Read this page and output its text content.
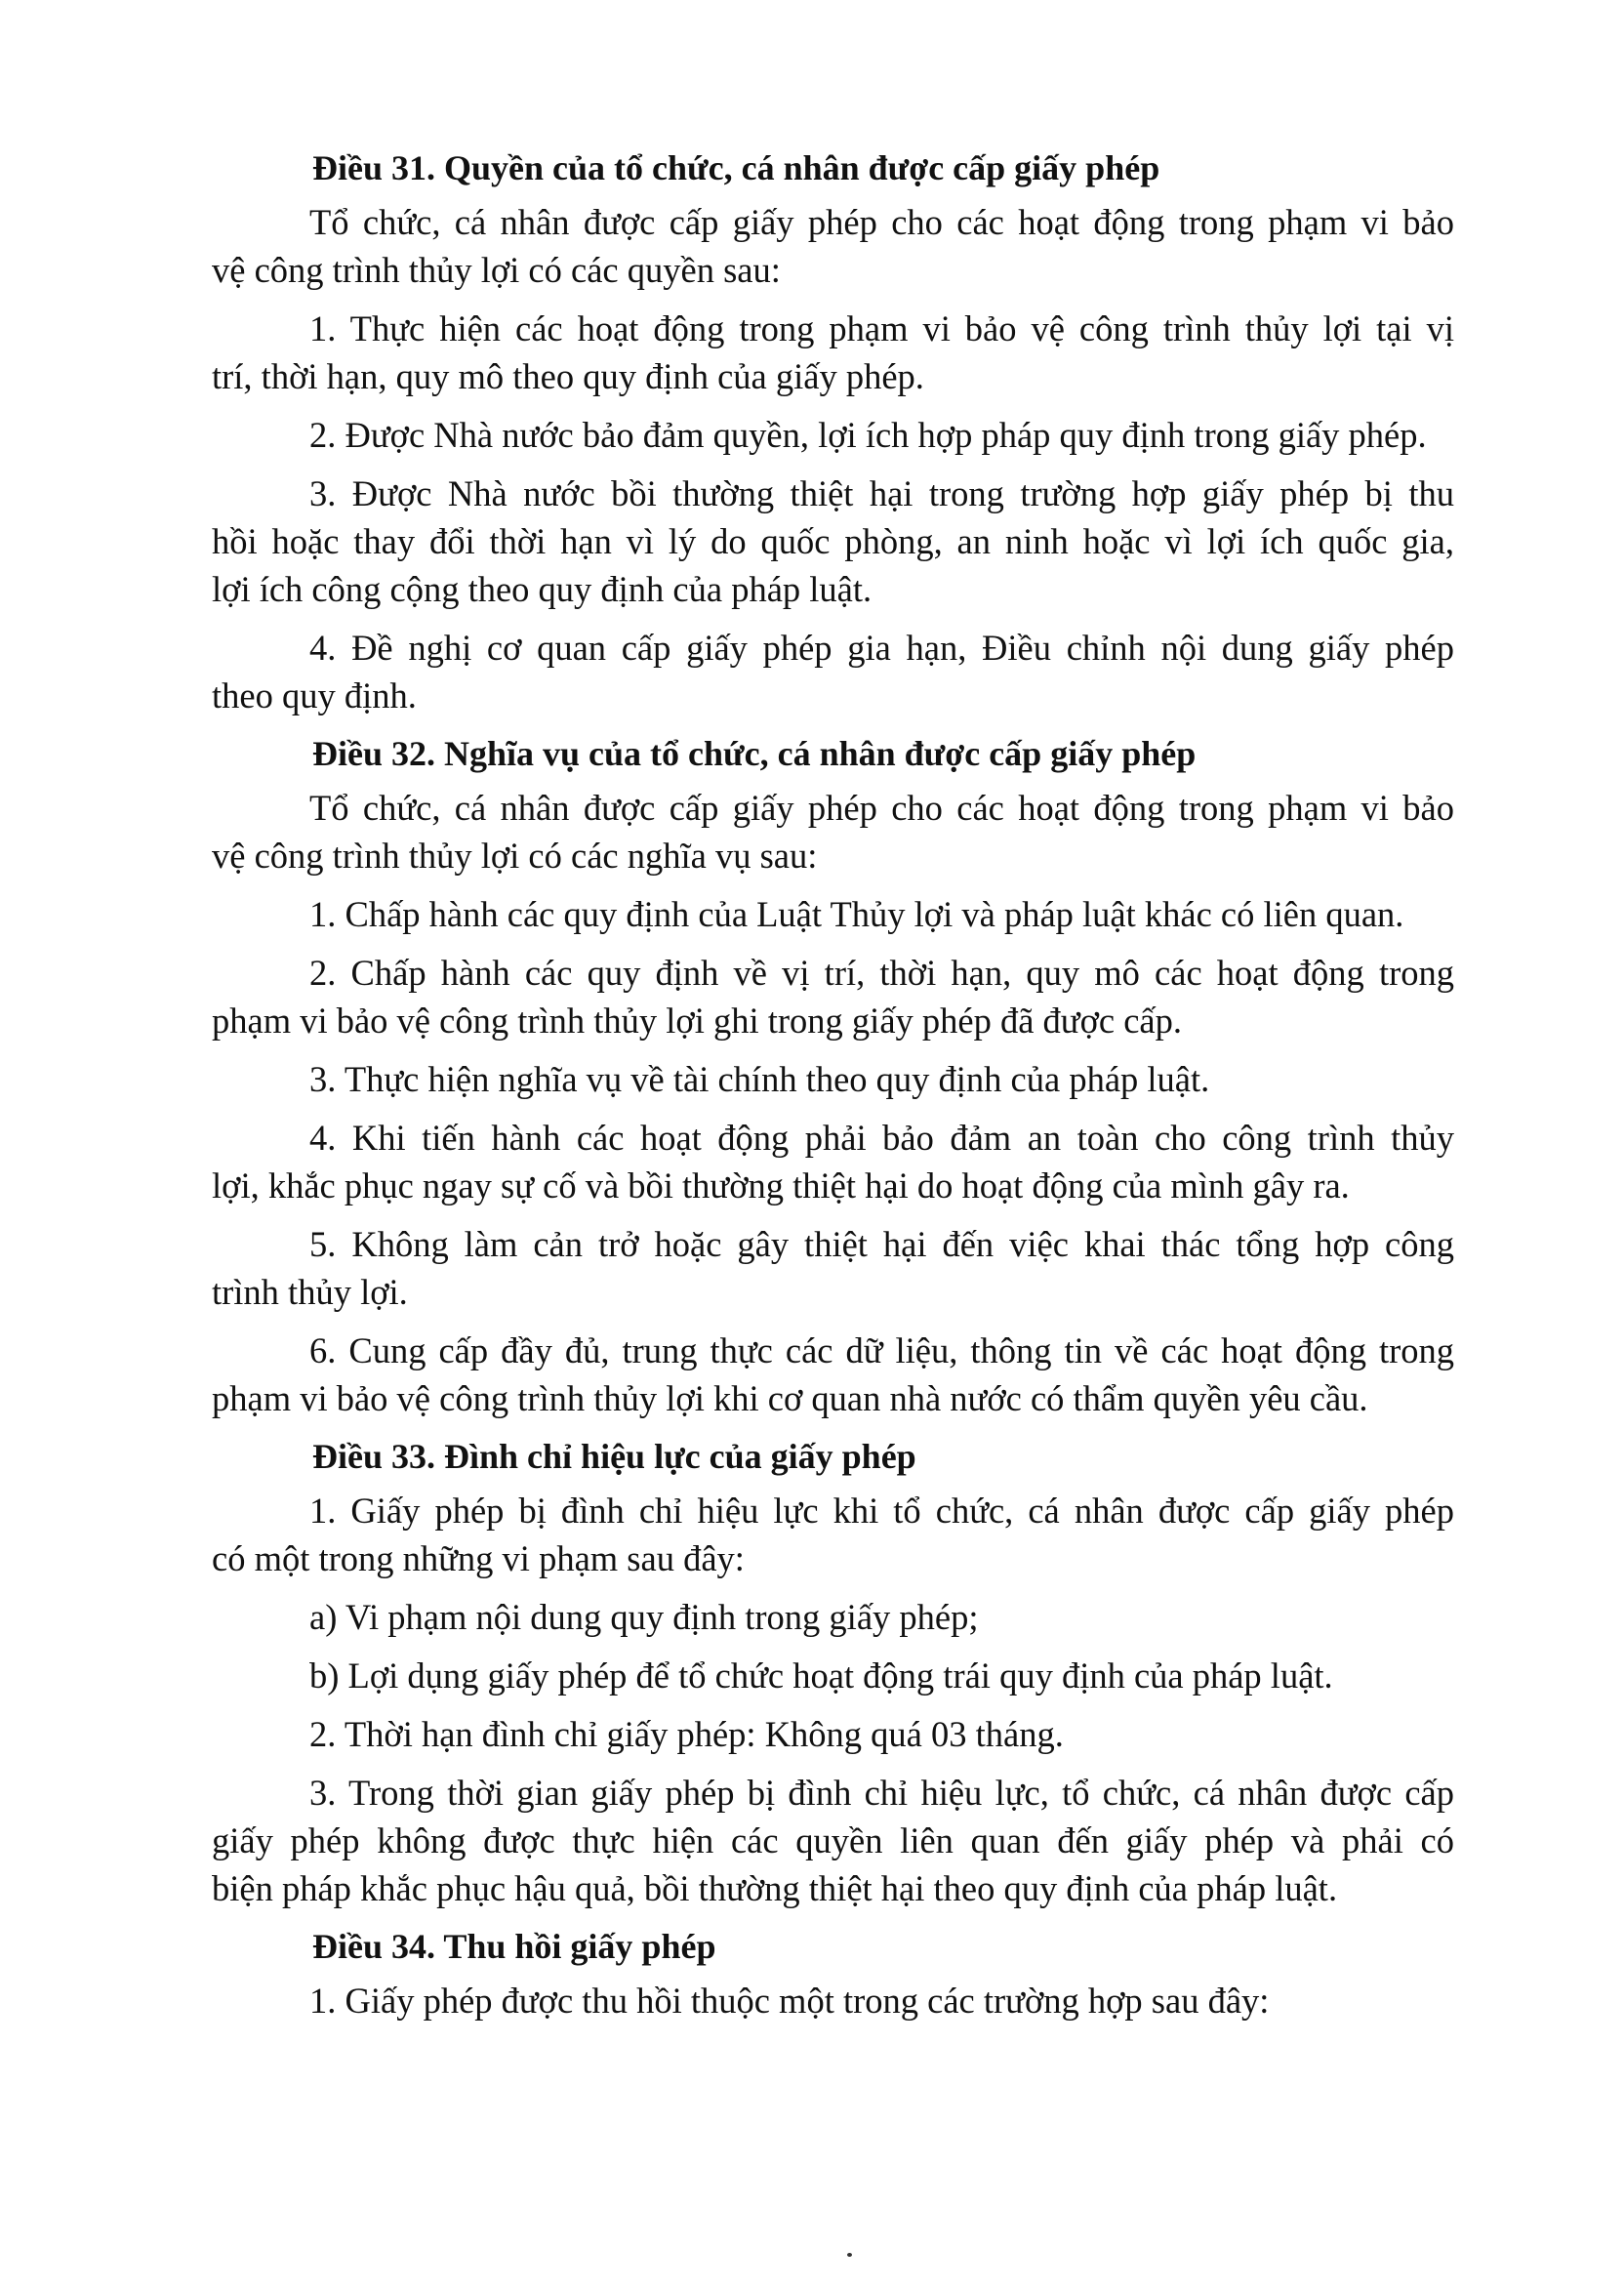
Điều 31. Quyền của tổ chức, cá nhân được cấp giấy phép
Tổ chức, cá nhân được cấp giấy phép cho các hoạt động trong phạm vi bảo
vệ công trình thủy lợi có các quyền sau:
1. Thực hiện các hoạt động trong phạm vi bảo vệ công trình thủy lợi tại vị
trí, thời hạn, quy mô theo quy định của giấy phép.
2. Được Nhà nước bảo đảm quyền, lợi ích hợp pháp quy định trong giấy phép.
3. Được Nhà nước bồi thường thiệt hại trong trường hợp giấy phép bị thu
hồi hoặc thay đổi thời hạn vì lý do quốc phòng, an ninh hoặc vì lợi ích quốc gia,
lợi ích công cộng theo quy định của pháp luật.
4. Đề nghị cơ quan cấp giấy phép gia hạn, Điều chỉnh nội dung giấy phép
theo quy định.
Điều 32. Nghĩa vụ của tổ chức, cá nhân được cấp giấy phép
Tổ chức, cá nhân được cấp giấy phép cho các hoạt động trong phạm vi bảo
vệ công trình thủy lợi có các nghĩa vụ sau:
1. Chấp hành các quy định của Luật Thủy lợi và pháp luật khác có liên quan.
2. Chấp hành các quy định về vị trí, thời hạn, quy mô các hoạt động trong
phạm vi bảo vệ công trình thủy lợi ghi trong giấy phép đã được cấp.
3. Thực hiện nghĩa vụ về tài chính theo quy định của pháp luật.
4. Khi tiến hành các hoạt động phải bảo đảm an toàn cho công trình thủy
lợi, khắc phục ngay sự cố và bồi thường thiệt hại do hoạt động của mình gây ra.
5. Không làm cản trở hoặc gây thiệt hại đến việc khai thác tổng hợp công
trình thủy lợi.
6. Cung cấp đầy đủ, trung thực các dữ liệu, thông tin về các hoạt động trong
phạm vi bảo vệ công trình thủy lợi khi cơ quan nhà nước có thẩm quyền yêu cầu.
Điều 33. Đình chỉ hiệu lực của giấy phép
1. Giấy phép bị đình chỉ hiệu lực khi tổ chức, cá nhân được cấp giấy phép
có một trong những vi phạm sau đây:
a) Vi phạm nội dung quy định trong giấy phép;
b) Lợi dụng giấy phép để tổ chức hoạt động trái quy định của pháp luật.
2. Thời hạn đình chỉ giấy phép: Không quá 03 tháng.
3. Trong thời gian giấy phép bị đình chỉ hiệu lực, tổ chức, cá nhân được cấp
giấy phép không được thực hiện các quyền liên quan đến giấy phép và phải có
biện pháp khắc phục hậu quả, bồi thường thiệt hại theo quy định của pháp luật.
Điều 34. Thu hồi giấy phép
1. Giấy phép được thu hồi thuộc một trong các trường hợp sau đây:
